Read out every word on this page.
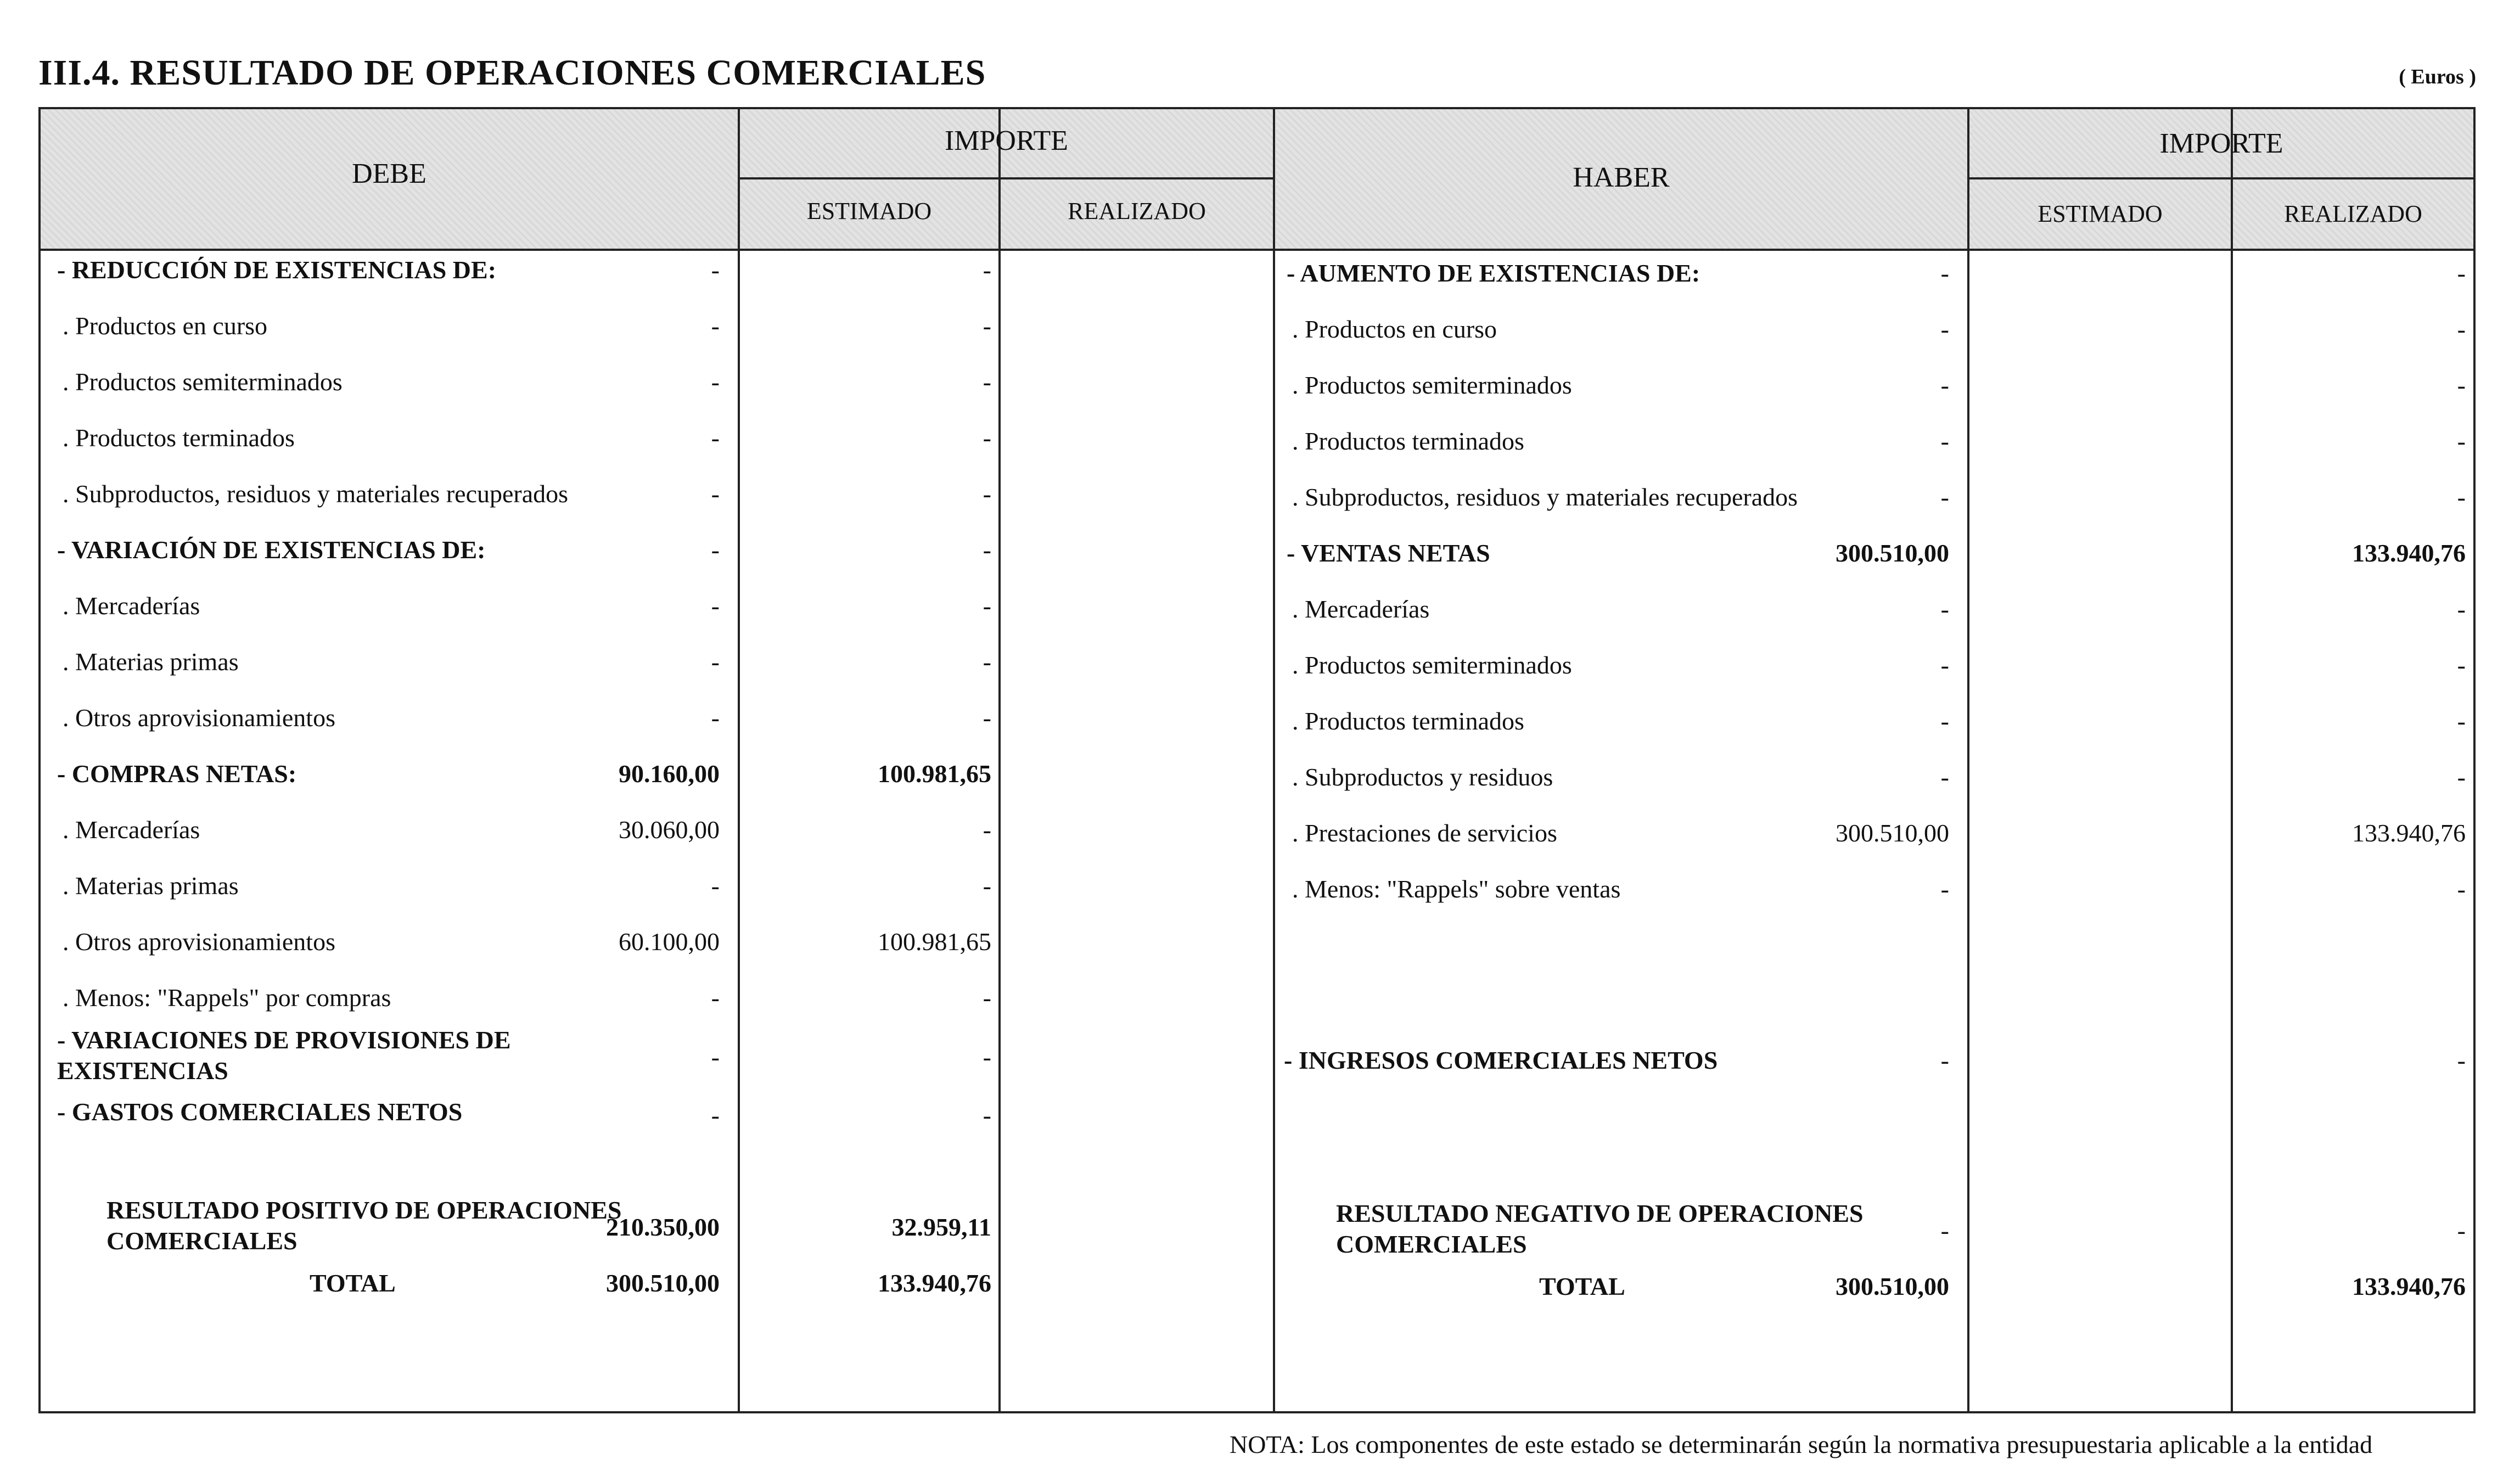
III.4. RESULTADO DE OPERACIONES COMERCIALES	( Euros )
DEBE
IMPORTE
ESTIMADO	REALIZADO
HABER
IMPORTE
ESTIMADO	REALIZADO
- REDUCCIÓN DE EXISTENCIAS DE:	-	-
. Productos en curso	-	-
. Productos semiterminados	-	-
. Productos terminados	-	-
. Subproductos, residuos y materiales recuperados	-	-
- VARIACIÓN DE EXISTENCIAS DE:	-	-
. Mercaderías	-	-
. Materias primas	-	-
. Otros aprovisionamientos	-	-
- COMPRAS NETAS:	90.160,00	100.981,65
. Mercaderías	30.060,00	-
. Materias primas	-	-
. Otros aprovisionamientos	60.100,00	100.981,65
. Menos: "Rappels" por compras	-	-
- VARIACIONES DE PROVISIONES DE EXISTENCIAS	-	-
- GASTOS COMERCIALES NETOS	-	-
RESULTADO POSITIVO DE OPERACIONES COMERCIALES	210.350,00	32.959,11
TOTAL	300.510,00	133.940,76
- AUMENTO DE EXISTENCIAS DE:	-	-
. Productos en curso	-	-
. Productos semiterminados	-	-
. Productos terminados	-	-
. Subproductos, residuos y materiales recuperados	-	-
- VENTAS NETAS	300.510,00	133.940,76
. Mercaderías	-	-
. Productos semiterminados	-	-
. Productos terminados	-	-
. Subproductos y residuos	-	-
. Prestaciones de servicios	300.510,00	133.940,76
. Menos: "Rappels" sobre ventas	-	-
- INGRESOS COMERCIALES NETOS	-	-
RESULTADO NEGATIVO DE OPERACIONES COMERCIALES	-	-
TOTAL	300.510,00	133.940,76
NOTA: Los componentes de este estado se determinarán según la normativa presupuestaria aplicable a la entidad
